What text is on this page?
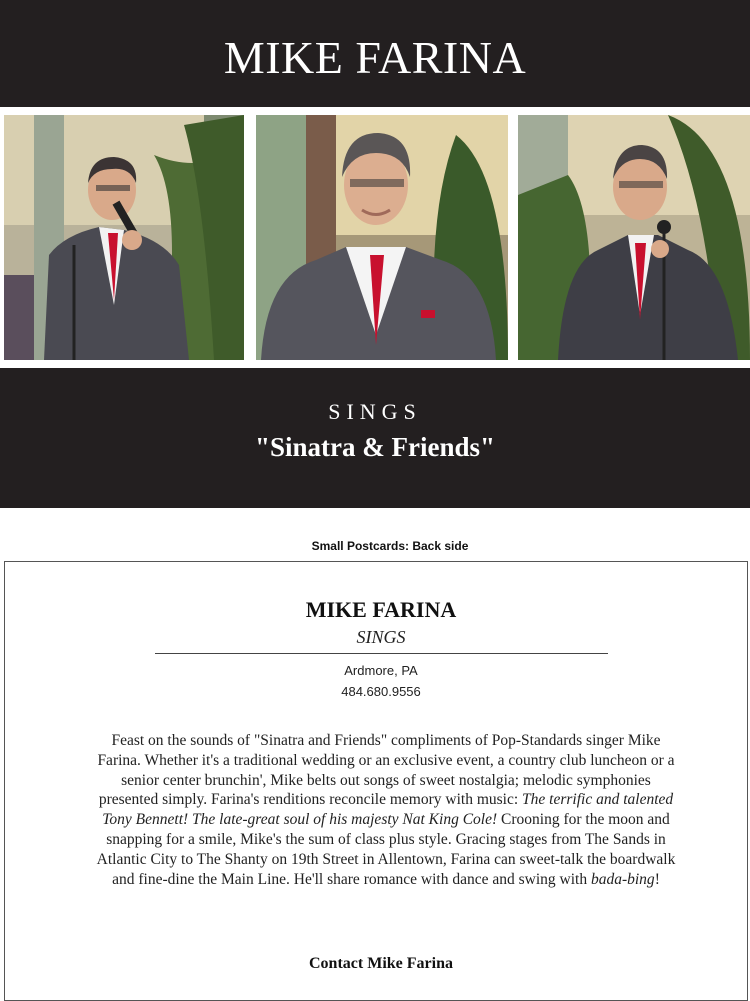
MIKE FARINA
SINGS
"Sinatra & Friends"
Small Postcards: Back side
MIKE FARINA
SINGS
Ardmore, PA
484.680.9556
Feast on the sounds of "Sinatra and Friends" compliments of Pop-Standards singer Mike Farina. Whether it's a traditional wedding or an exclusive event, a country club luncheon or a senior center brunchin', Mike belts out songs of sweet nostalgia; melodic symphonies presented simply. Farina's renditions reconcile memory with music: The terrific and talented Tony Bennett! The late-great soul of his majesty Nat King Cole! Crooning for the moon and snapping for a smile, Mike's the sum of class plus style. Gracing stages from The Sands in Atlantic City to The Shanty on 19th Street in Allentown, Farina can sweet-talk the boardwalk and fine-dine the Main Line. He'll share romance with dance and swing with bada-bing!
Contact Mike Farina
